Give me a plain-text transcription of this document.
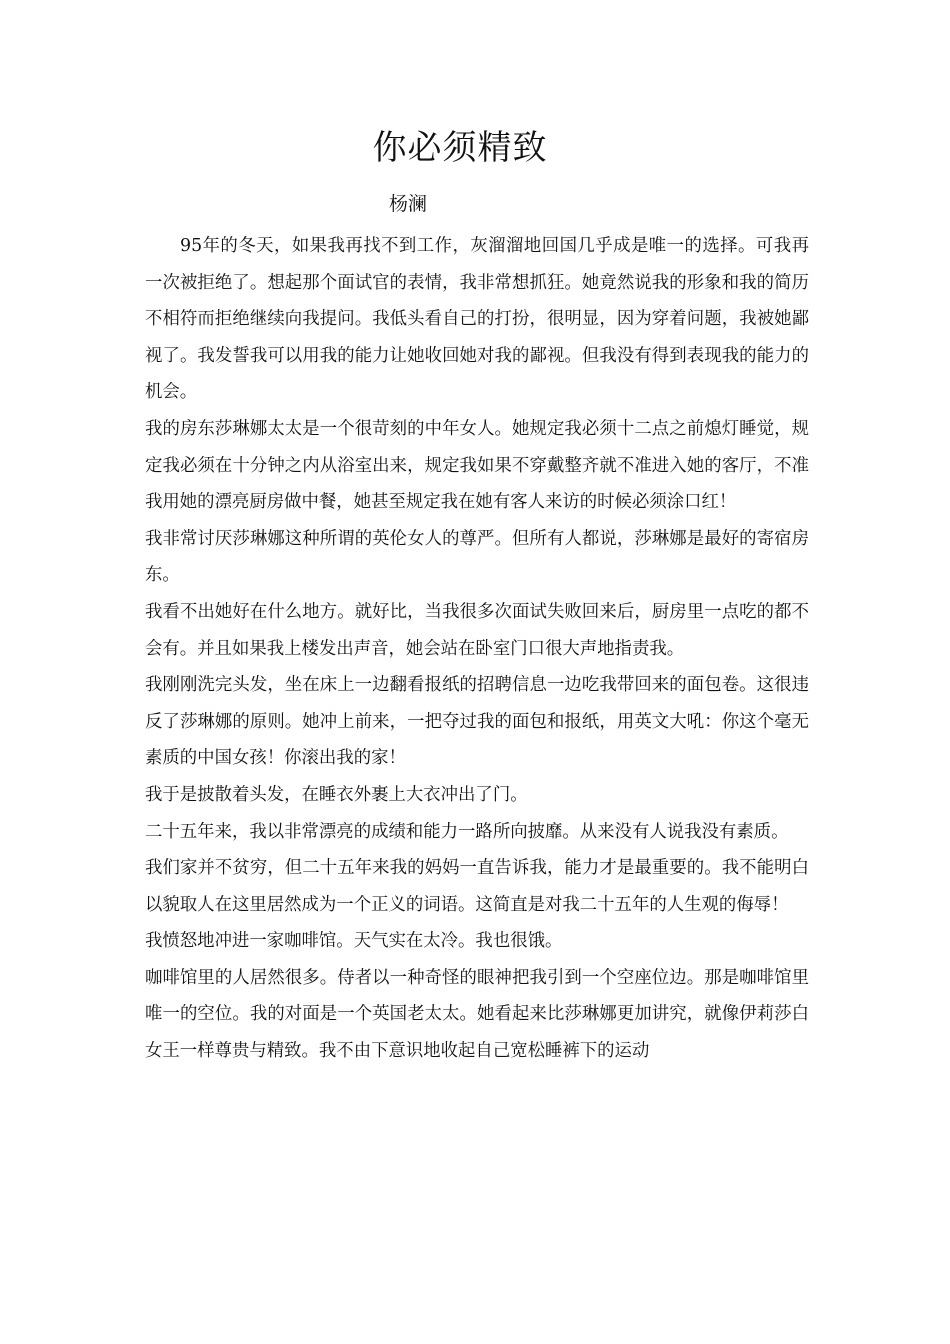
你必须精致
杨澜

95年的冬天，如果我再找不到工作，灰溜溜地回国几乎成是唯一的选择。可我再一次被拒绝了。想起那个面试官的表情，我非常想抓狂。她竟然说我的形象和我的简历不相符而拒绝继续向我提问。我低头看自己的打扮，很明显，因为穿着问题，我被她鄙视了。我发誓我可以用我的能力让她收回她对我的鄙视。但我没有得到表现我的能力的机会。

我的房东莎琳娜太太是一个很苛刻的中年女人。她规定我必须十二点之前熄灯睡觉，规定我必须在十分钟之内从浴室出来，规定我如果不穿戴整齐就不准进入她的客厅，不准我用她的漂亮厨房做中餐，她甚至规定我在她有客人来访的时候必须涂口红！

我非常讨厌莎琳娜这种所谓的英伦女人的尊严。但所有人都说，莎琳娜是最好的寄宿房东。

我看不出她好在什么地方。就好比，当我很多次面试失败回来后，厨房里一点吃的都不会有。并且如果我上楼发出声音，她会站在卧室门口很大声地指责我。

我刚刚洗完头发，坐在床上一边翻看报纸的招聘信息一边吃我带回来的面包卷。这很违反了莎琳娜的原则。她冲上前来，一把夺过我的面包和报纸，用英文大吼：你这个毫无素质的中国女孩！你滚出我的家！

我于是披散着头发，在睡衣外裹上大衣冲出了门。

二十五年来，我以非常漂亮的成绩和能力一路所向披靡。从来没有人说我没有素质。

我们家并不贫穷，但二十五年来我的妈妈一直告诉我，能力才是最重要的。我不能明白以貌取人在这里居然成为一个正义的词语。这简直是对我二十五年的人生观的侮辱！

我愤怒地冲进一家咖啡馆。天气实在太冷。我也很饿。

咖啡馆里的人居然很多。侍者以一种奇怪的眼神把我引到一个空座位边。那是咖啡馆里唯一的空位。我的对面是一个英国老太太。她看起来比莎琳娜更加讲究，就像伊莉莎白女王一样尊贵与精致。我不由下意识地收起自己宽松睡裤下的运动
